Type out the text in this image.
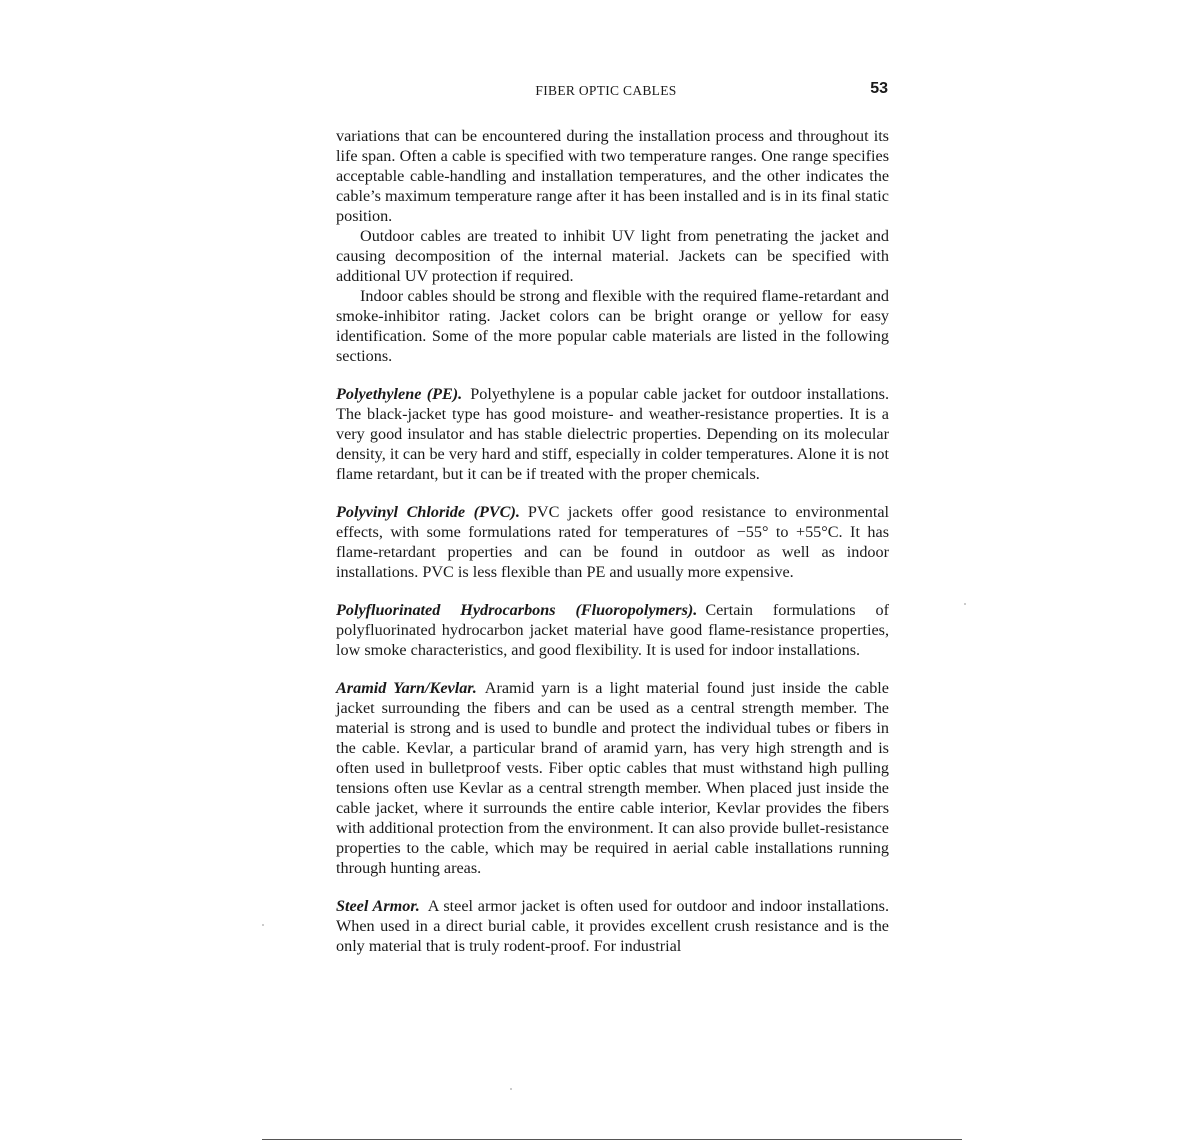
FIBER OPTIC CABLES	53

variations that can be encountered during the installation process and throughout its life span. Often a cable is specified with two temperature ranges. One range specifies acceptable cable-handling and installation temperatures, and the other indicates the cable’s maximum temperature range after it has been installed and is in its final static position.

Outdoor cables are treated to inhibit UV light from penetrating the jacket and causing decomposition of the internal material. Jackets can be specified with additional UV protection if required.

Indoor cables should be strong and flexible with the required flame-retardant and smoke-inhibitor rating. Jacket colors can be bright orange or yellow for easy identification. Some of the more popular cable materials are listed in the following sections.

Polyethylene (PE). Polyethylene is a popular cable jacket for outdoor installations. The black-jacket type has good moisture- and weather-resistance properties. It is a very good insulator and has stable dielectric properties. Depending on its molecular density, it can be very hard and stiff, especially in colder temperatures. Alone it is not flame retardant, but it can be if treated with the proper chemicals.

Polyvinyl Chloride (PVC). PVC jackets offer good resistance to environmental effects, with some formulations rated for temperatures of −55° to +55°C. It has flame-retardant properties and can be found in outdoor as well as indoor installations. PVC is less flexible than PE and usually more expensive.

Polyfluorinated Hydrocarbons (Fluoropolymers). Certain formulations of polyfluorinated hydrocarbon jacket material have good flame-resistance properties, low smoke characteristics, and good flexibility. It is used for indoor installations.

Aramid Yarn/Kevlar. Aramid yarn is a light material found just inside the cable jacket surrounding the fibers and can be used as a central strength member. The material is strong and is used to bundle and protect the individual tubes or fibers in the cable. Kevlar, a particular brand of aramid yarn, has very high strength and is often used in bulletproof vests. Fiber optic cables that must withstand high pulling tensions often use Kevlar as a central strength member. When placed just inside the cable jacket, where it surrounds the entire cable interior, Kevlar provides the fibers with additional protection from the environment. It can also provide bullet-resistance properties to the cable, which may be required in aerial cable installations running through hunting areas.

Steel Armor. A steel armor jacket is often used for outdoor and indoor installations. When used in a direct burial cable, it provides excellent crush resistance and is the only material that is truly rodent-proof. For industrial
